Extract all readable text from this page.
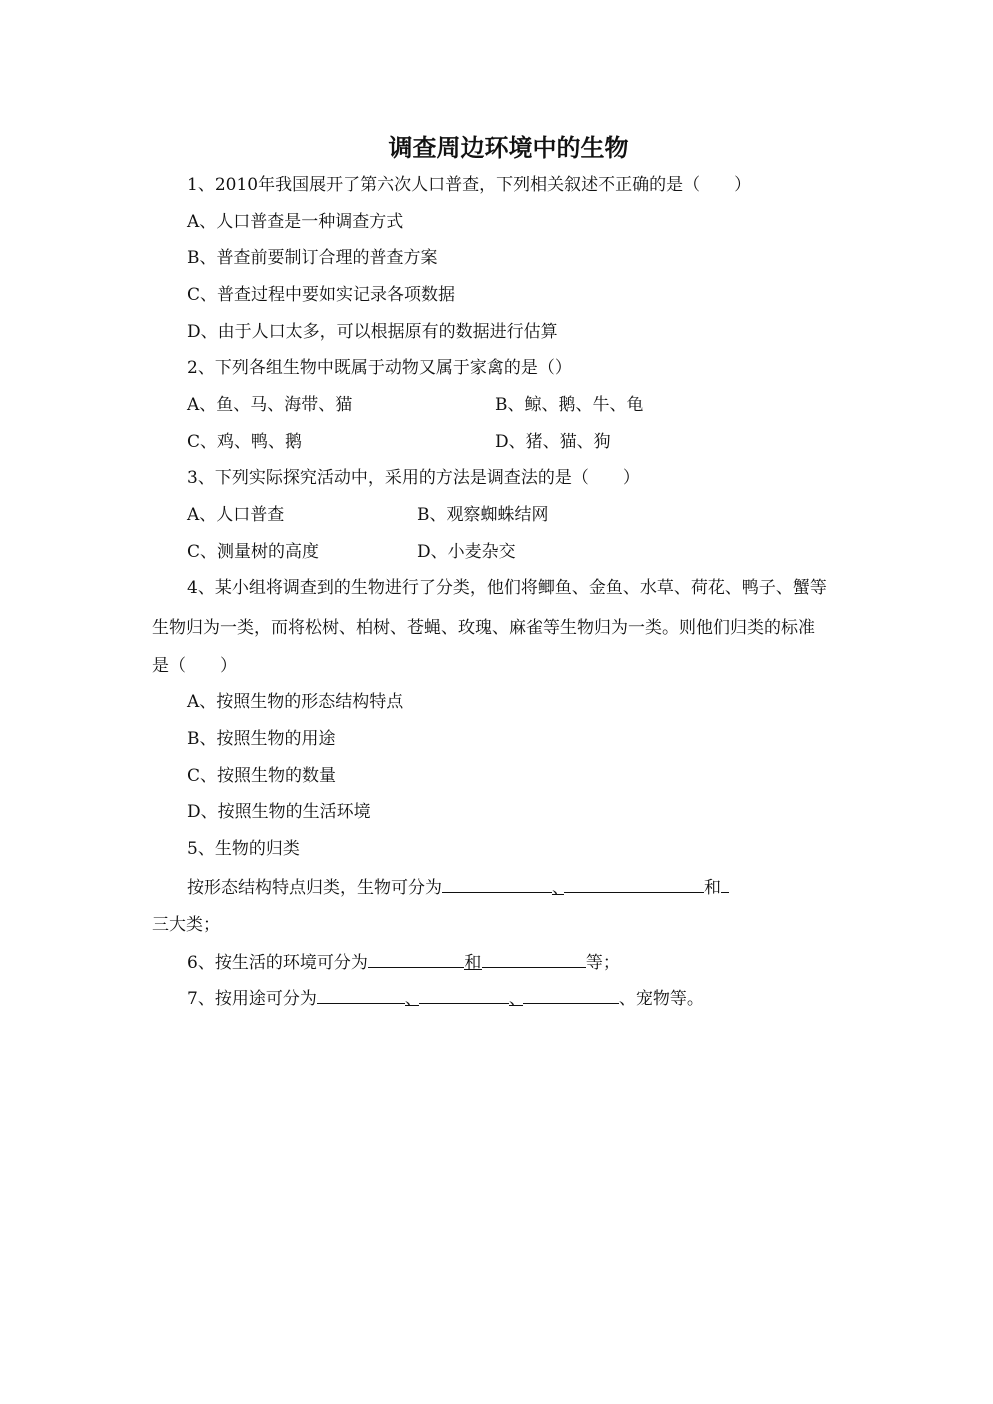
调查周边环境中的生物
1、2010年我国展开了第六次人口普查，下列相关叙述不正确的是（　　）
A、人口普查是一种调查方式
B、普查前要制订合理的普查方案
C、普查过程中要如实记录各项数据
D、由于人口太多，可以根据原有的数据进行估算
2、下列各组生物中既属于动物又属于家禽的是（）
A、鱼、马、海带、猫	B、鲸、鹅、牛、龟
C、鸡、鸭、鹅	D、猪、猫、狗
3、下列实际探究活动中，采用的方法是调查法的是（　　）
A、人口普查	B、观察蜘蛛结网
C、测量树的高度	D、小麦杂交
4、某小组将调查到的生物进行了分类，他们将鲫鱼、金鱼、水草、荷花、鸭子、蟹等
生物归为一类，而将松树、柏树、苍蝇、玫瑰、麻雀等生物归为一类。则他们归类的标准
是（　　）
A、按照生物的形态结构特点
B、按照生物的用途
C、按照生物的数量
D、按照生物的生活环境
5、生物的归类
按形态结构特点归类，生物可分为	、	和
三大类；
6、按生活的环境可分为	和	等；
7、按用途可分为	、	、	、宠物等。
